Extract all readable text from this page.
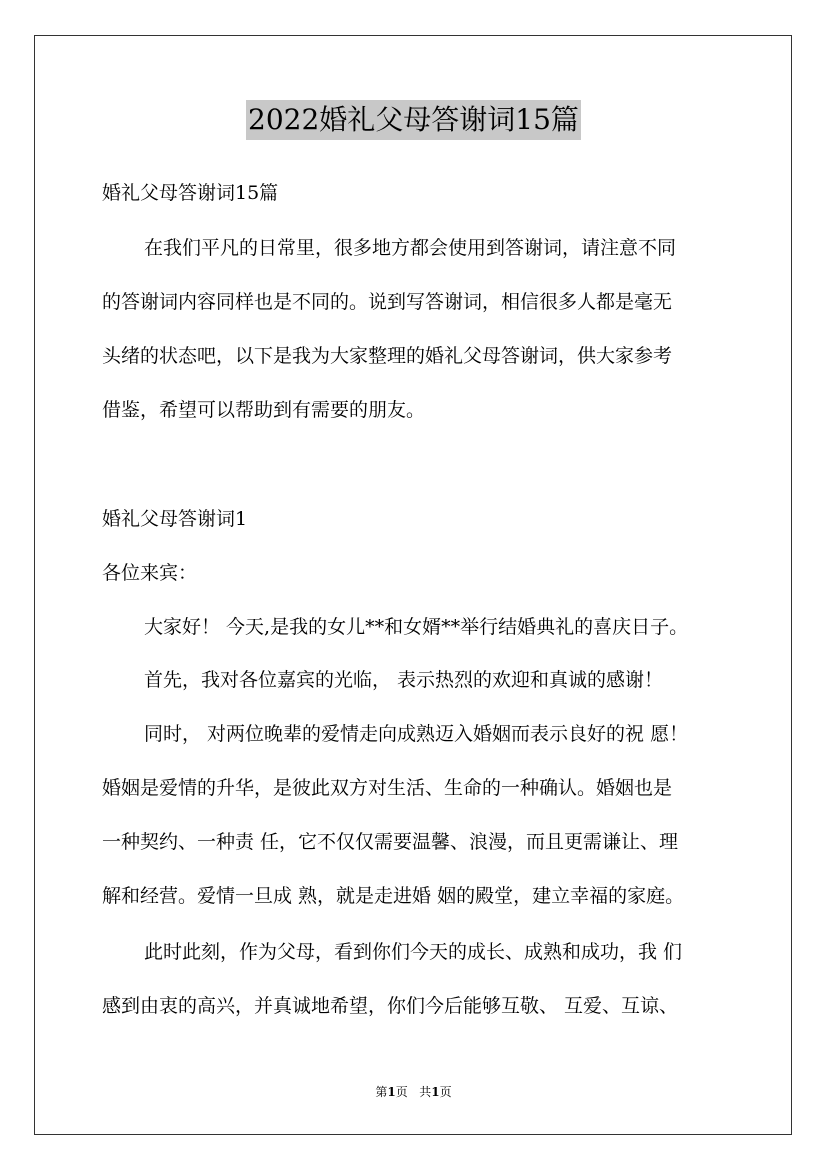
2022婚礼父母答谢词15篇
婚礼父母答谢词15篇
在我们平凡的日常里，很多地方都会使用到答谢词，请注意不同
的答谢词内容同样也是不同的。说到写答谢词，相信很多人都是毫无
头绪的状态吧，以下是我为大家整理的婚礼父母答谢词，供大家参考
借鉴，希望可以帮助到有需要的朋友。
婚礼父母答谢词1
各位来宾：
大家好！ 今天,是我的女儿**和女婿**举行结婚典礼的喜庆日子。
首先，我对各位嘉宾的光临， 表示热烈的欢迎和真诚的感谢！
同时， 对两位晚辈的爱情走向成熟迈入婚姻而表示良好的祝 愿！
婚姻是爱情的升华，是彼此双方对生活、生命的一种确认。婚姻也是
一种契约、一种责 任，它不仅仅需要温馨、浪漫，而且更需谦让、理
解和经营。爱情一旦成 熟，就是走进婚 姻的殿堂，建立幸福的家庭。
此时此刻，作为父母，看到你们今天的成长、成熟和成功，我 们
感到由衷的高兴，并真诚地希望，你们今后能够互敬、 互爱、互谅、
第1页 共1页
